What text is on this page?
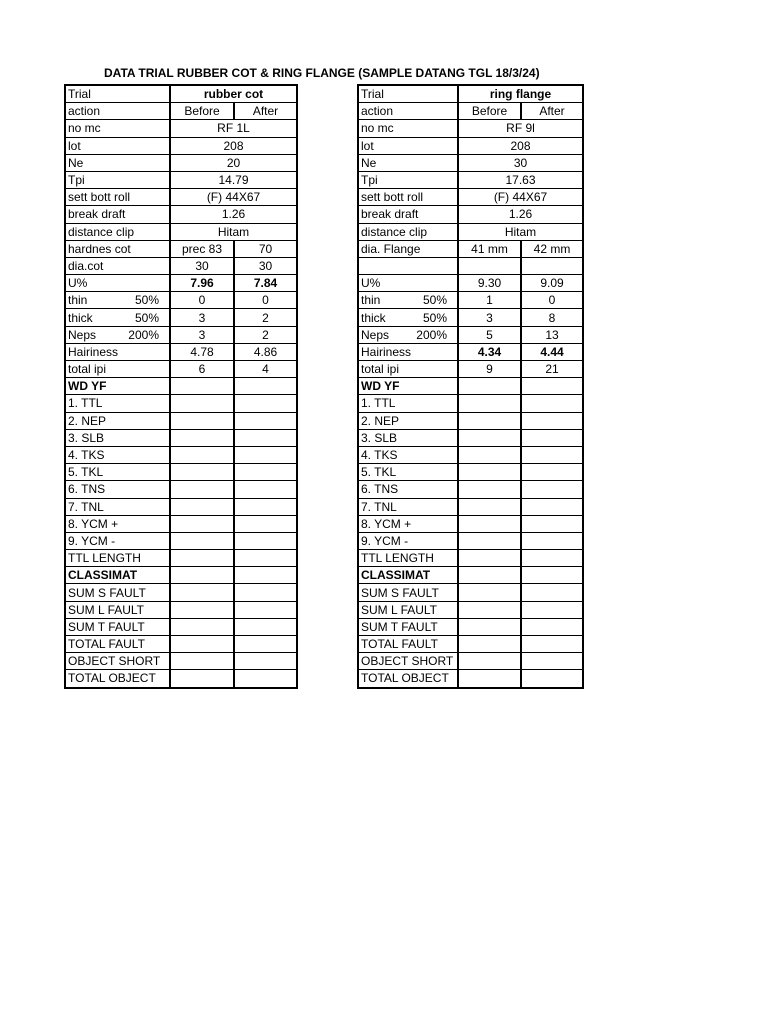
DATA TRIAL RUBBER COT & RING FLANGE (SAMPLE DATANG TGL 18/3/24)
Trial	rubber cot	
action	Before	After
no mc	RF 1L	
lot	208	
Ne	20	
Tpi	14.79	
sett bott roll	(F) 44X67	
break draft	1.26	
distance clip	Hitam	
hardnes cot	prec 83	70
dia.cot	30	30
U%	7.96	7.84

thin 50%	0	0

thick 50%	3	2

Neps 200%	3	2
Hairiness	4.78	4.86
total ipi	6	4
WD YF		
1. TTL		
2. NEP		
3. SLB		
4. TKS		
5. TKL		
6. TNS		
7. TNL		
8. YCM +		
9. YCM -		
TTL LENGTH		
CLASSIMAT		
SUM S FAULT		
SUM L FAULT		
SUM T FAULT		
TOTAL FAULT		
OBJECT SHORT		
TOTAL OBJECT		
Trial	ring flange	
action	Before	After
no mc	RF 9l	
lot	208	
Ne	30	
Tpi	17.63	
sett bott roll	(F) 44X67	
break draft	1.26	
distance clip	Hitam	
dia. Flange	41 mm	42 mm

U%	9.30	9.09

thin 50%	1	0

thick 50%	3	8

Neps 200%	5	13
Hairiness	4.34	4.44
total ipi	9	21
WD YF		
1. TTL		
2. NEP		
3. SLB		
4. TKS		
5. TKL		
6. TNS		
7. TNL		
8. YCM +		
9. YCM -		
TTL LENGTH		
CLASSIMAT		
SUM S FAULT		
SUM L FAULT		
SUM T FAULT		
TOTAL FAULT		
OBJECT SHORT		
TOTAL OBJECT		
